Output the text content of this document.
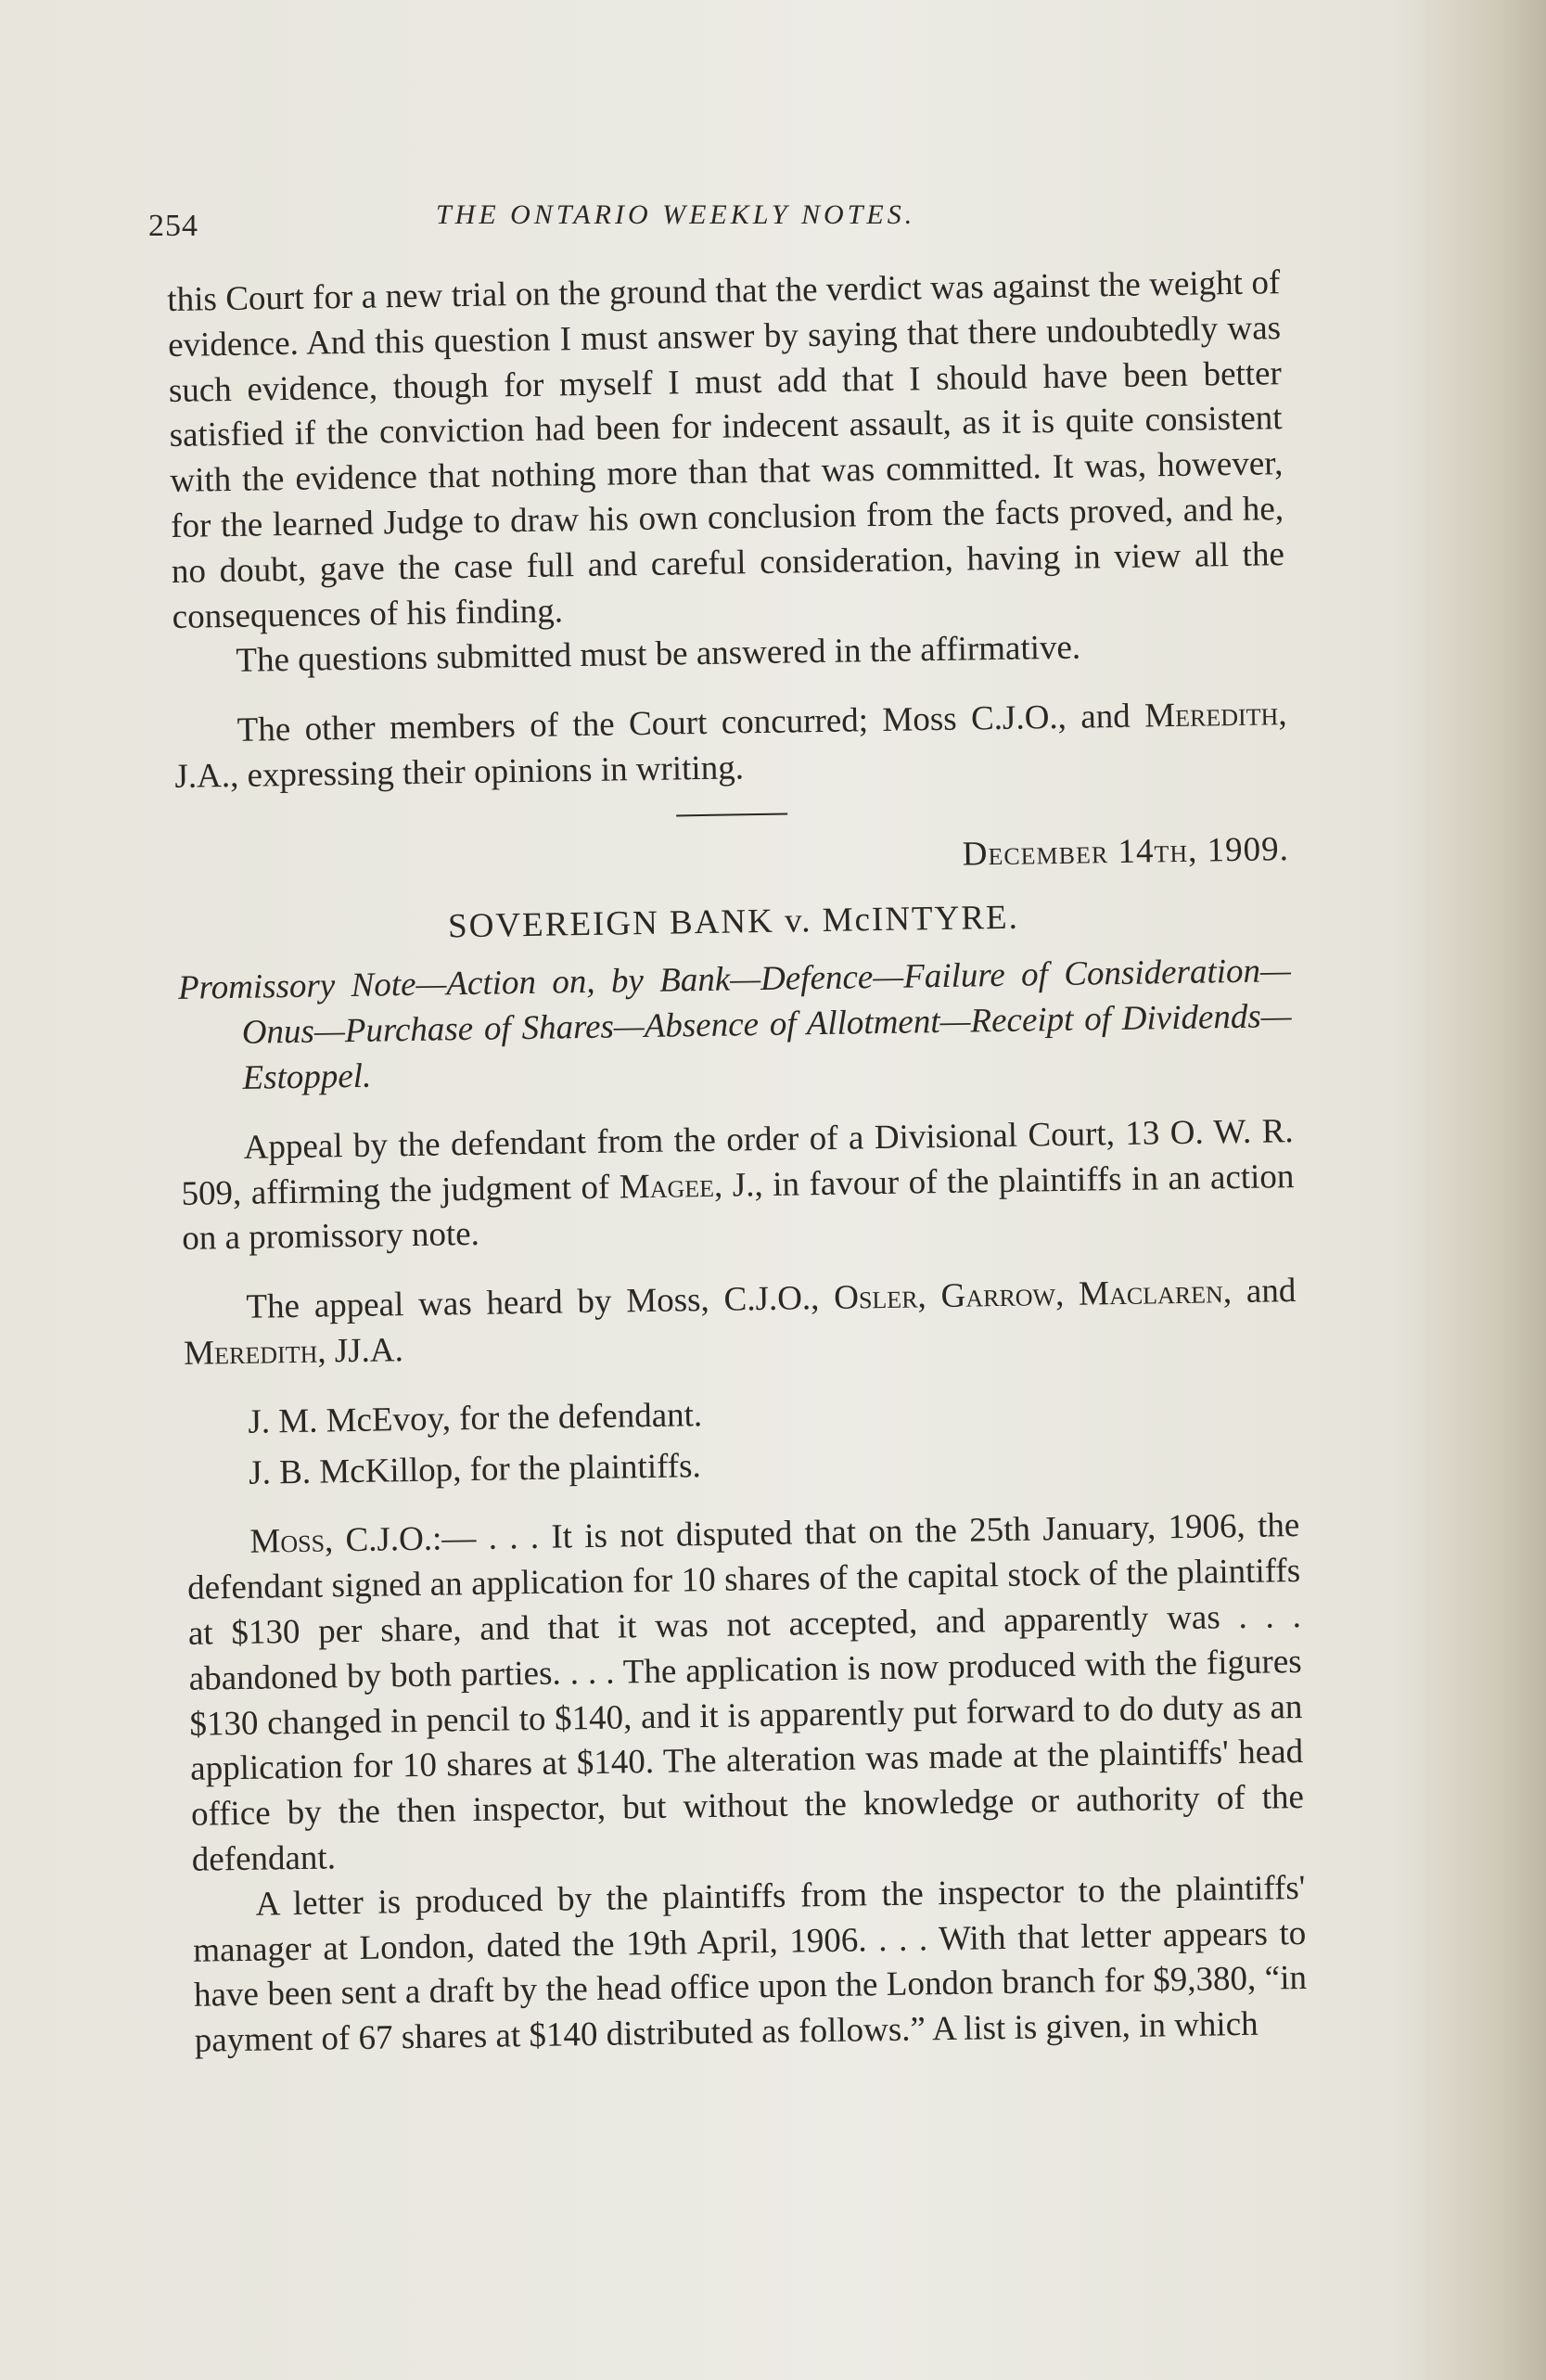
254	THE ONTARIO WEEKLY NOTES.

this Court for a new trial on the ground that the verdict was against the weight of evidence. And this question I must answer by saying that there undoubtedly was such evidence, though for myself I must add that I should have been better satisfied if the conviction had been for indecent assault, as it is quite consistent with the evidence that nothing more than that was committed. It was, however, for the learned Judge to draw his own conclusion from the facts proved, and he, no doubt, gave the case full and careful consideration, having in view all the consequences of his finding.

The questions submitted must be answered in the affirmative.

The other members of the Court concurred; Moss C.J.O., and Meredith, J.A., expressing their opinions in writing.

December 14th, 1909.

SOVEREIGN BANK v. McINTYRE.

Promissory Note—Action on, by Bank—Defence—Failure of Consideration—Onus—Purchase of Shares—Absence of Allotment—Receipt of Dividends—Estoppel.

Appeal by the defendant from the order of a Divisional Court, 13 O. W. R. 509, affirming the judgment of Magee, J., in favour of the plaintiffs in an action on a promissory note.

The appeal was heard by Moss, C.J.O., Osler, Garrow, Maclaren, and Meredith, JJ.A.

J. M. McEvoy, for the defendant.

J. B. McKillop, for the plaintiffs.

Moss, C.J.O.:— . . . It is not disputed that on the 25th January, 1906, the defendant signed an application for 10 shares of the capital stock of the plaintiffs at $130 per share, and that it was not accepted, and apparently was . . . abandoned by both parties. . . . The application is now produced with the figures $130 changed in pencil to $140, and it is apparently put forward to do duty as an application for 10 shares at $140. The alteration was made at the plaintiffs' head office by the then inspector, but without the knowledge or authority of the defendant.

A letter is produced by the plaintiffs from the inspector to the plaintiffs' manager at London, dated the 19th April, 1906. . . . With that letter appears to have been sent a draft by the head office upon the London branch for $9,380, “in payment of 67 shares at $140 distributed as follows.” A list is given, in which
